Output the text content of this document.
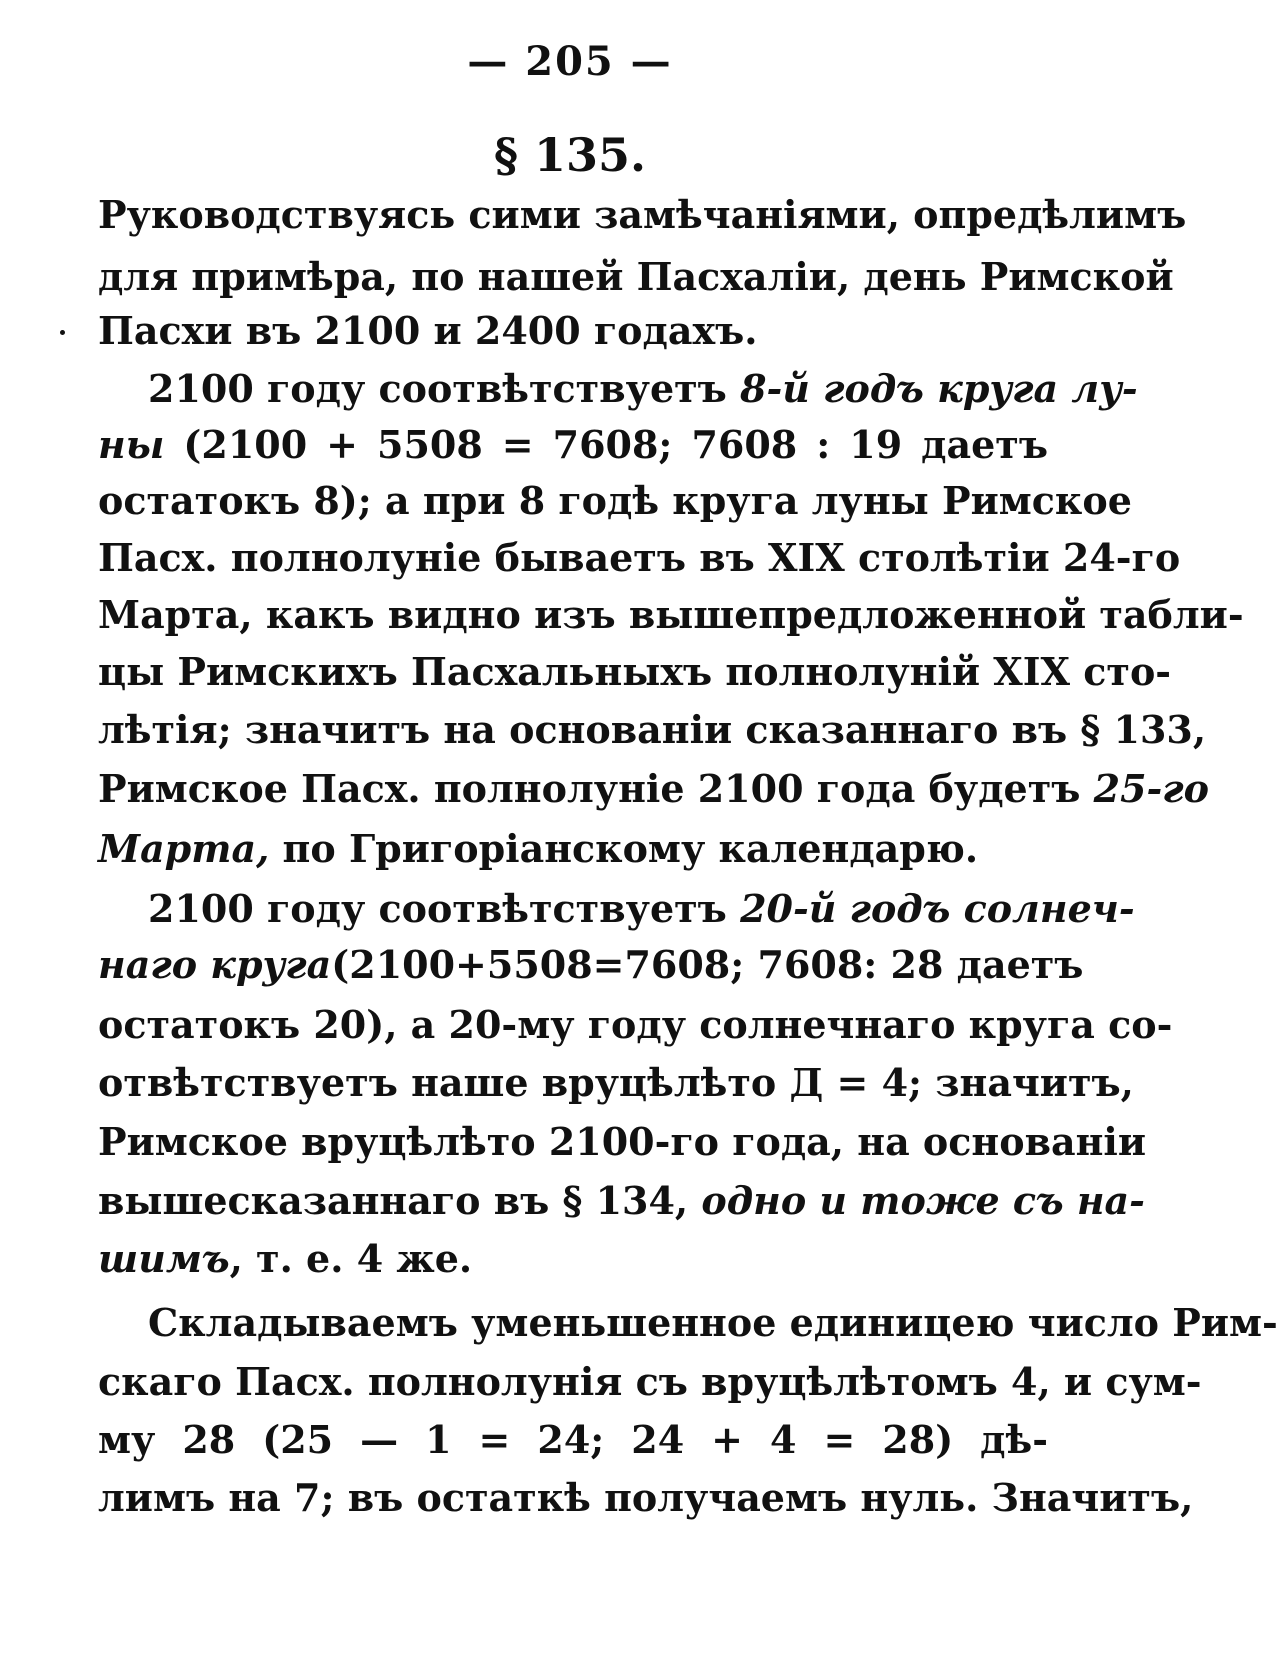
— 205 —
§ 135.
Руководствуясь сими замѣчаніями, опредѣлимъ
для примѣра, по нашей Пасхаліи, день Римской
Пасхи въ 2100 и 2400 годахъ.
2100 году соотвѣтствуетъ 8-й годъ круга лу-
ны (2100 + 5508 = 7608; 7608 : 19 даетъ
остатокъ 8); а при 8 годѣ круга луны Римское
Пасх. полнолуніе бываетъ въ XIX столѣтіи 24-го
Марта, какъ видно изъ вышепредложенной табли-
цы Римскихъ Пасхальныхъ полнолуній XIX сто-
лѣтія; значитъ на основаніи сказаннаго въ § 133,
Римское Пасх. полнолуніе 2100 года будетъ 25-го
Марта, по Григоріанскому календарю.
2100 году соотвѣтствуетъ 20-й годъ солнеч-
наго круга(2100+5508=7608; 7608: 28 даетъ
остатокъ 20), а 20-му году солнечнаго круга со-
отвѣтствуетъ наше вруцѣлѣто Д = 4; значитъ,
Римское вруцѣлѣто 2100-го года, на основаніи
вышесказаннаго въ § 134, одно и тоже съ на-
шимъ, т. е. 4 же.
Складываемъ уменьшенное единицею число Рим-
скаго Пасх. полнолунія съ вруцѣлѣтомъ 4, и сум-
му 28 (25 — 1 = 24; 24 + 4 = 28) дѣ-
лимъ на 7; въ остаткѣ получаемъ нуль. Значитъ,
